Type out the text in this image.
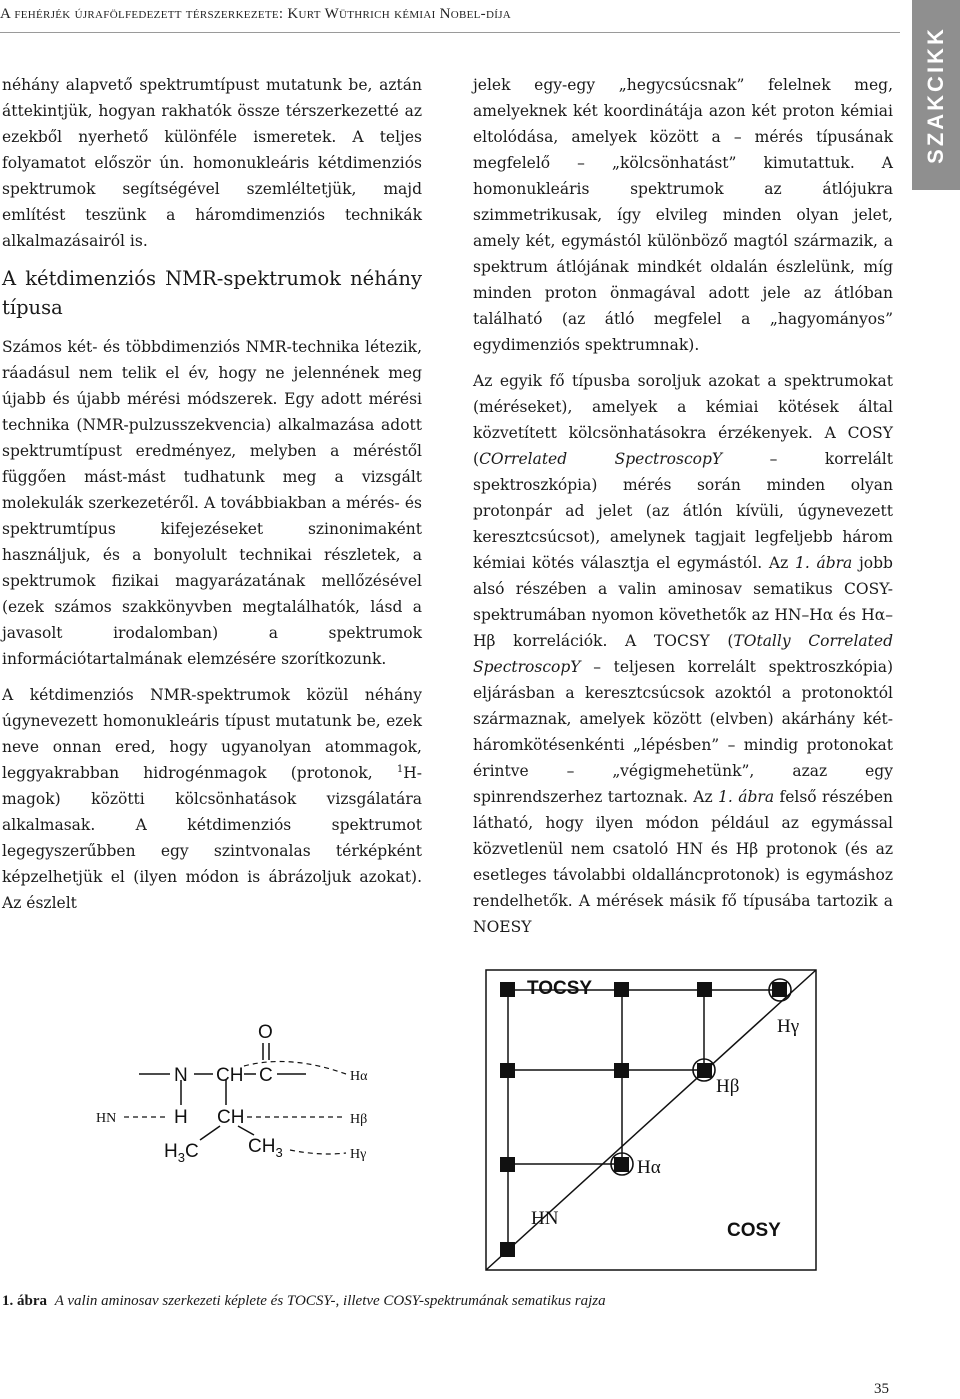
A fehérjék újrafölfedezett térszerkezete: Kurt Wüthrich kémiai Nobel-díja
SZAKCIKK

néhány alapvető spektrumtípust mutatunk be, aztán áttekintjük, hogyan rakhatók össze térszerkezetté az ezekből nyerhető különféle ismeretek. A teljes folyamatot először ún. homonukleáris kétdimenziós spektrumok segítségével szemléltetjük, majd említést teszünk a háromdimenziós technikák alkalmazásairól is.

A kétdimenziós NMR-spektrumok néhány típusa

Számos két- és többdimenziós NMR-technika létezik, ráadásul nem telik el év, hogy ne jelennének meg újabb és újabb mérési módszerek. Egy adott mérési technika (NMR-pulzusszekvencia) alkalmazása adott spektrumtípust eredményez, melyben a méréstől függően mást-mást tudhatunk meg a vizsgált molekulák szerkezetéről. A továbbiakban a mérés- és spektrumtípus kifejezéseket szinonimaként használjuk, és a bonyolult technikai részletek, a spektrumok fizikai magyarázatának mellőzésével (ezek számos szakkönyvben megtalálhatók, lásd a javasolt irodalomban) a spektrumok információtartalmának elemzésére szorítkozunk.

A kétdimenziós NMR-spektrumok közül néhány úgynevezett homonukleáris típust mutatunk be, ezek neve onnan ered, hogy ugyanolyan atommagok, leggyakrabban hidrogénmagok (protonok, $^1$H-magok) közötti kölcsönhatások vizsgálatára alkalmasak. A kétdimenziós spektrumot legegyszerűbben egy szintvonalas térképként képzelhetjük el (ilyen módon is ábrázoljuk azokat). Az észlelt

jelek egy-egy „hegycsúcsnak” felelnek meg, amelyeknek két koordinátája azon két proton kémiai eltolódása, amelyek között a – mérés típusának megfelelő – „kölcsönhatást” kimutattuk. A homonukleáris spektrumok az átlójukra szimmetrikusak, így elvileg minden olyan jelet, amely két, egymástól különböző magtól származik, a spektrum átlójának mindkét oldalán észlelünk, míg minden proton önmagával adott jele az átlóban található (az átló megfelel a „hagyományos” egydimenziós spektrumnak).

Az egyik fő típusba soroljuk azokat a spektrumokat (méréseket), amelyek a kémiai kötések által közvetített kölcsönhatásokra érzékenyek. A COSY (COrrelated SpectroscopY – korrelált spektroszkópia) mérés során minden olyan protonpár ad jelet (az átlón kívüli, úgynevezett keresztcsúcsot), amelynek tagjait legfeljebb három kémiai kötés választja el egymástól. Az 1. ábra jobb alsó részében a valin aminosav sematikus COSY-spektrumában nyomon követhetők az HN–Hα és Hα–Hβ korrelációk. A TOCSY (TOtally Correlated SpectroscopY – teljesen korrelált spektroszkópia) eljárásban a keresztcsúcsok azoktól a protonoktól származnak, amelyek között (elvben) akárhány két-háromkötésenkénti „lépésben” – mindig protonokat érintve – „végigmehetünk”, azaz egy spinrendszerhez tartoznak. Az 1. ábra felső részében látható, hogy ilyen módon például az egymással közvetlenül nem csatoló HN és Hβ protonok (és az esetleges távolabbi oldalláncprotonok) is egymáshoz rendelhetők. A mérések másik fő típusába tartozik a NOESY

O
N CH C
H CH
$H_3C$	$CH_3$
HN
Hα
Hβ
Hγ
TOCSY
COSY
HN
Hα
Hβ
Hγ
1. ábra A valin aminosav szerkezeti képlete és TOCSY-, illetve COSY-spektrumának sematikus rajza
35
